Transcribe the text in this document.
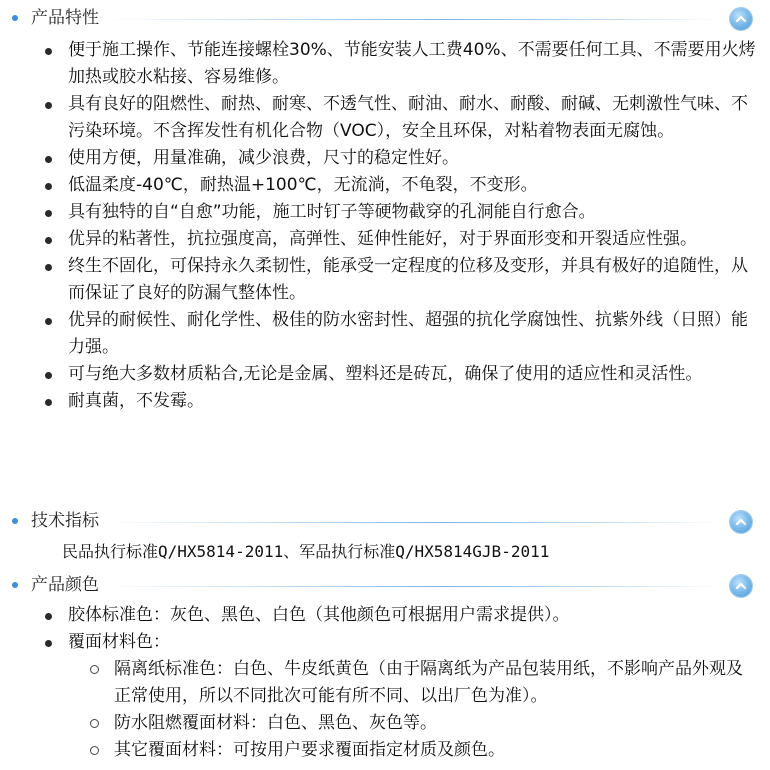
产品特性
便于施工操作、节能连接螺栓30%、节能安装人工费40%、不需要任何工具、不需要用火烤加热或胶水粘接、容易维修。
具有良好的阻燃性、耐热、耐寒、不透气性、耐油、耐水、耐酸、耐碱、无刺激性气味、不污染环境。不含挥发性有机化合物（VOC），安全且环保，对粘着物表面无腐蚀。
使用方便，用量准确，减少浪费，尺寸的稳定性好。
低温柔度-40℃，耐热温+100℃，无流淌，不龟裂，不变形。
具有独特的自“自愈”功能，施工时钉子等硬物截穿的孔洞能自行愈合。
优异的粘著性，抗拉强度高，高弹性、延伸性能好，对于界面形变和开裂适应性强。
终生不固化，可保持永久柔韧性，能承受一定程度的位移及变形，并具有极好的追随性，从而保证了良好的防漏气整体性。
优异的耐候性、耐化学性、极佳的防水密封性、超强的抗化学腐蚀性、抗紫外线（日照）能力强。
可与绝大多数材质粘合,无论是金属、塑料还是砖瓦，确保了使用的适应性和灵活性。
耐真菌，不发霉。
技术指标
民品执行标准Q/HX5814-2011、军品执行标准Q/HX5814GJB-2011
产品颜色
胶体标准色：灰色、黑色、白色（其他颜色可根据用户需求提供）。
覆面材料色：
隔离纸标准色：白色、牛皮纸黄色（由于隔离纸为产品包装用纸，不影响产品外观及正常使用，所以不同批次可能有所不同、以出厂色为准）。
防水阻燃覆面材料：白色、黑色、灰色等。
其它覆面材料：可按用户要求覆面指定材质及颜色。
